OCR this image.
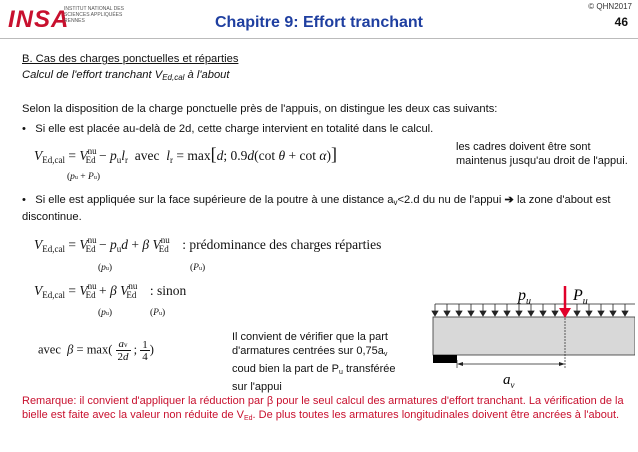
INSA
INSTITUT NATIONAL DES SCIENCES APPLIQUÉES RENNES	Chapitre 9: Effort tranchant
© QHN2017
46
B. Cas des charges ponctuelles et réparties
Calcul de l'effort tranchant VEd,cal à l'about
Selon la disposition de la charge ponctuelle près de l'appuis, on distingue les deux cas suivants:
•   Si elle est placée au-delà de 2d, cette charge intervient en totalité dans le calcul.
$V_{Ed,cal} = V^{nu}_{Ed} - p_ul_r$  avec  $l_r = \max[d$; 0.9d(cot θ + cot α)]
(pu + Pu)
les cadres doivent être sont maintenus jusqu'au droit de l'appui.
•   Si elle est appliquée sur la face supérieure de la poutre à une distance av<2.d du nu de l'appui ➔ la zone d'about est discontinue.
$V_{Ed,cal} = V^{nu}_{Ed} - p_ud + \beta$ $V^{nu}_{Ed}$ : prédominance des charges réparties
(pu)	(Pu)
$V_{Ed,cal} = V^{nu}_{Ed} + \beta$ $V^{nu}_{Ed}$ : sinon
(pu)	(Pu)
avec β = max( av
2d ; 1
4)
Il convient de vérifier que la part d'armatures centrées sur 0,75av coud bien la part de Pu transférée sur l'appui
$p_u$	$P_u$
$a_v$
Remarque: il convient d'appliquer la réduction par β pour le seul calcul des armatures d'effort tranchant. La vérification de la bielle est faite avec la valeur non réduite de VEd. De plus toutes les armatures longitudinales doivent être ancrées à l'about.
